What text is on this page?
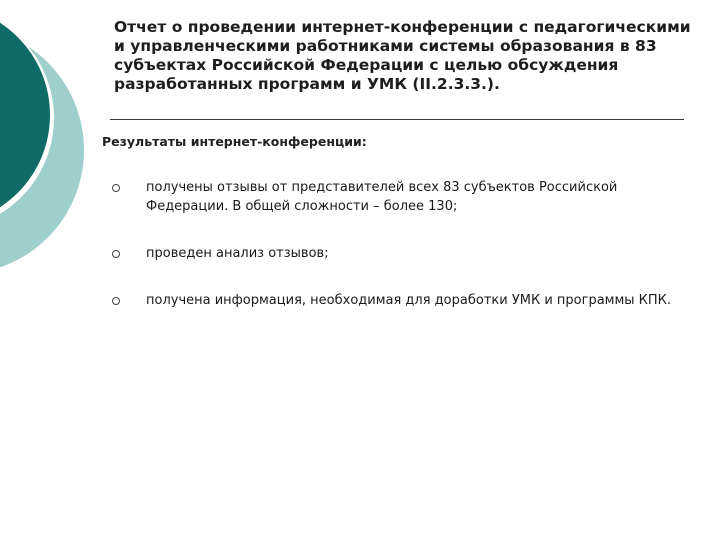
Отчет о проведении интернет-конференции с педагогическими и управленческими работниками системы образования в 83 субъектах Российской Федерации с целью обсуждения разработанных программ и УМК (II.2.3.3.).

Результаты интернет-конференции:

получены отзывы от представителей всех 83 субъектов Российской Федерации. В общей сложности – более 130;
проведен анализ отзывов;
получена информация, необходимая для доработки УМК и программы КПК.
